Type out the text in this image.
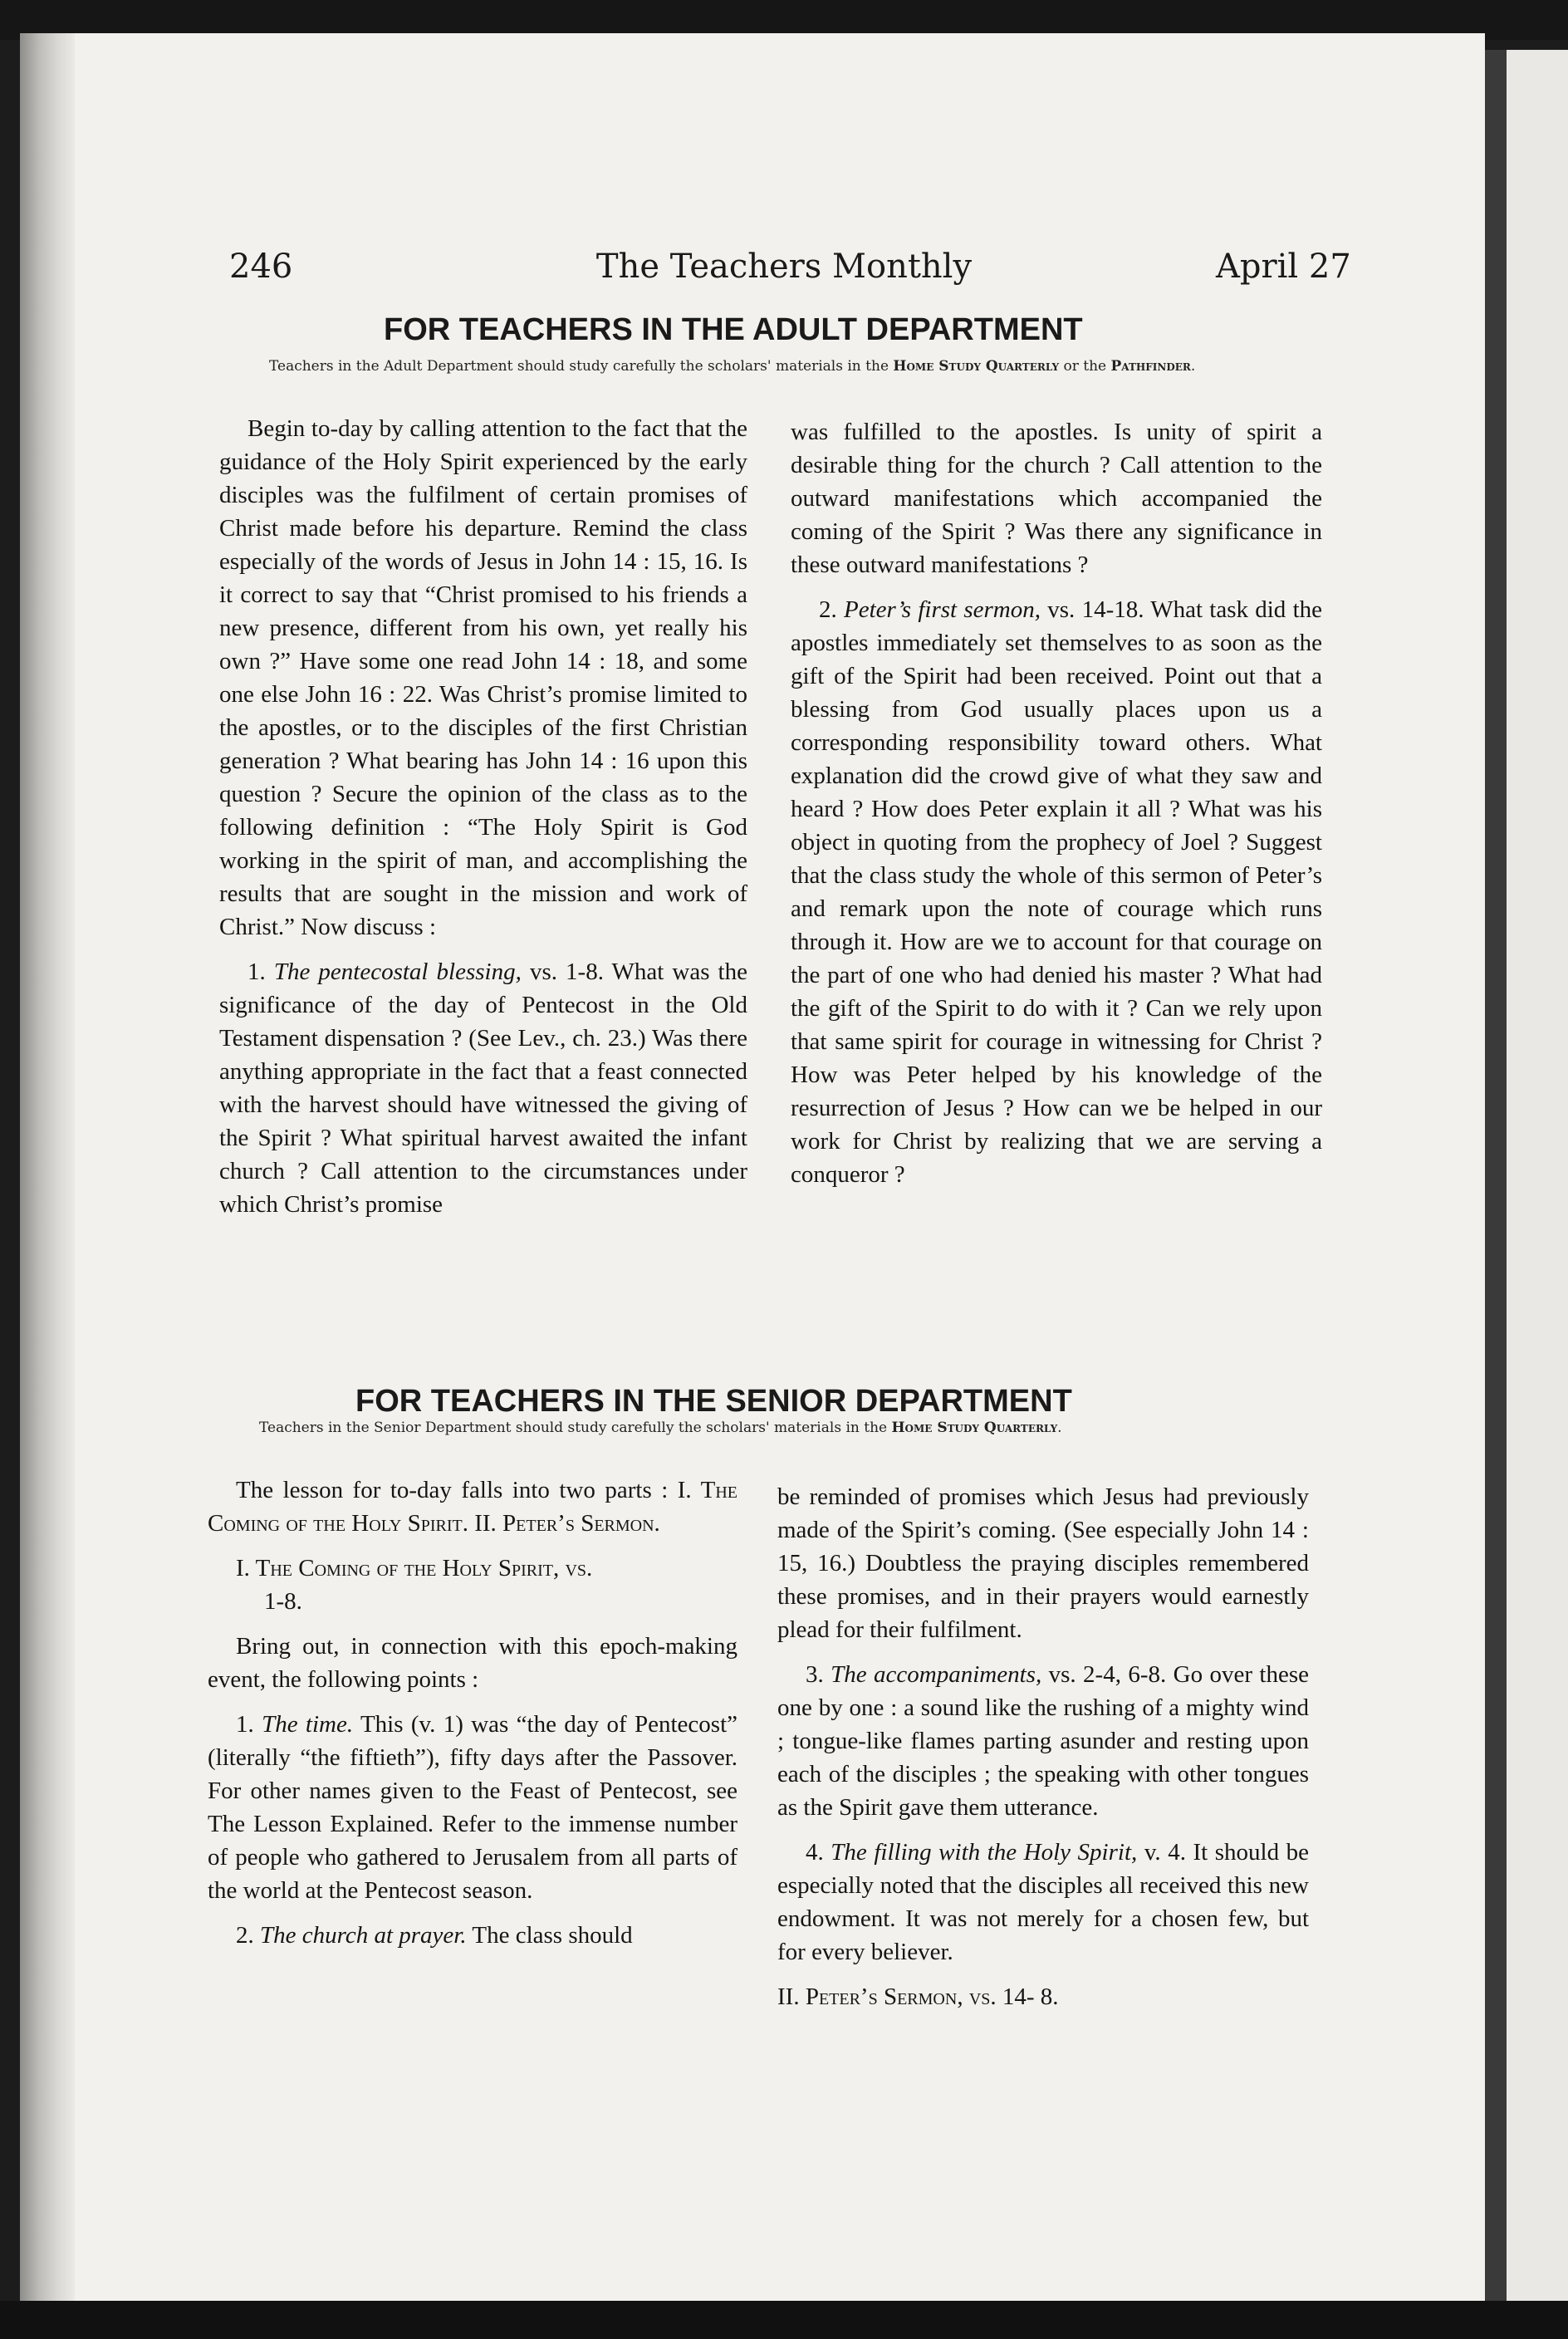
246	The Teachers Monthly	April 27
FOR TEACHERS IN THE ADULT DEPARTMENT
Teachers in the Adult Department should study carefully the scholars' materials in the Home Study Quarterly or the Pathfinder.

Begin to-day by calling attention to the fact that the guidance of the Holy Spirit experienced by the early disciples was the fulfilment of certain promises of Christ made before his departure. Remind the class especially of the words of Jesus in John 14 : 15, 16. Is it correct to say that “Christ promised to his friends a new presence, different from his own, yet really his own ?” Have some one read John 14 : 18, and some one else John 16 : 22. Was Christ’s promise limited to the apostles, or to the disciples of the first Christian generation ? What bearing has John 14 : 16 upon this question ? Secure the opinion of the class as to the following definition : “The Holy Spirit is God working in the spirit of man, and accomplishing the results that are sought in the mission and work of Christ.” Now discuss :

1. The pentecostal blessing, vs. 1-8. What was the significance of the day of Pentecost in the Old Testament dispensation ? (See Lev., ch. 23.) Was there anything appropriate in the fact that a feast connected with the harvest should have witnessed the giving of the Spirit ? What spiritual harvest awaited the infant church ? Call attention to the circumstances under which Christ’s promise

was fulfilled to the apostles. Is unity of spirit a desirable thing for the church ? Call attention to the outward manifestations which accompanied the coming of the Spirit ? Was there any significance in these outward manifestations ?

2. Peter’s first sermon, vs. 14-18. What task did the apostles immediately set themselves to as soon as the gift of the Spirit had been received. Point out that a blessing from God usually places upon us a corresponding responsibility toward others. What explanation did the crowd give of what they saw and heard ? How does Peter explain it all ? What was his object in quoting from the prophecy of Joel ? Suggest that the class study the whole of this sermon of Peter’s and remark upon the note of courage which runs through it. How are we to account for that courage on the part of one who had denied his master ? What had the gift of the Spirit to do with it ? Can we rely upon that same spirit for courage in witnessing for Christ ? How was Peter helped by his knowledge of the resurrection of Jesus ? How can we be helped in our work for Christ by realizing that we are serving a conqueror ?

FOR TEACHERS IN THE SENIOR DEPARTMENT
Teachers in the Senior Department should study carefully the scholars' materials in the Home Study Quarterly.

The lesson for to-day falls into two parts : I. The Coming of the Holy Spirit. II. Peter’s Sermon.

I. The Coming of the Holy Spirit, vs.
1-8.

Bring out, in connection with this epoch-making event, the following points :

1. The time. This (v. 1) was “the day of Pentecost” (literally “the fiftieth”), fifty days after the Passover. For other names given to the Feast of Pentecost, see The Lesson Explained. Refer to the immense number of people who gathered to Jerusalem from all parts of the world at the Pentecost season.

2. The church at prayer. The class should

be reminded of promises which Jesus had previously made of the Spirit’s coming. (See especially John 14 : 15, 16.) Doubtless the praying disciples remembered these promises, and in their prayers would earnestly plead for their fulfilment.

3. The accompaniments, vs. 2-4, 6-8. Go over these one by one : a sound like the rushing of a mighty wind ; tongue-like flames parting asunder and resting upon each of the disciples ; the speaking with other tongues as the Spirit gave them utterance.

4. The filling with the Holy Spirit, v. 4. It should be especially noted that the disciples all received this new endowment. It was not merely for a chosen few, but for every believer.

II. Peter’s Sermon, vs. 14- 8.
